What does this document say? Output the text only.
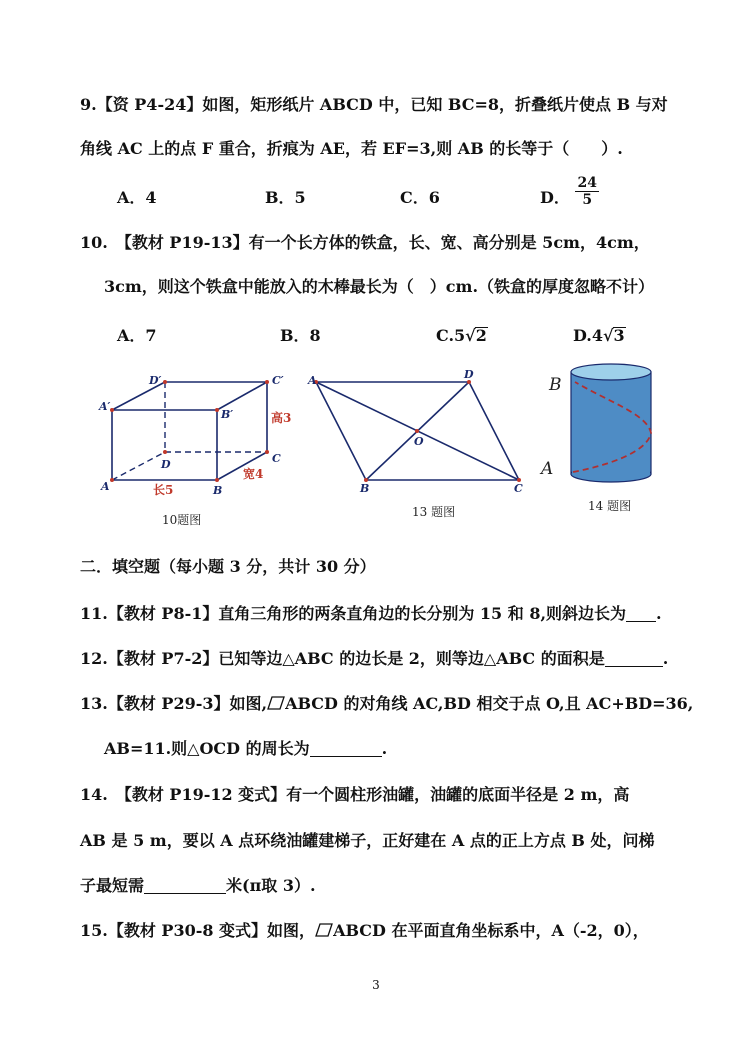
9.【资 P4-24】如图，矩形纸片 ABCD 中，已知 BC=8，折叠纸片使点 B 与对
角线 AC 上的点 F 重合，折痕为 AE，若 EF=3,则 AB 的长等于（　　）.
A．4	B．5	C．6	D． $\frac{24}{5}$
10.　【教材 P19-13】有一个长方体的铁盒，长、宽、高分别是 5cm，4cm，
3cm，则这个铁盒中能放入的木棒最长为（　）cm.（铁盒的厚度忽略不计）
A．7	B．8	C.5√2	D.4√3
D′	C′
A′
B′
D	C
A	B
高3
宽4
长5
10题图
A	D
O
B	C
13 题图
B
A
14 题图
二．填空题（每小题 3 分，共计 30 分）
11.【教材 P8-1】直角三角形的两条直角边的长分别为 15 和 8,则斜边长为 .
12.【教材 P7-2】已知等边△ABC 的边长是 2，则等边△ABC 的面积是	.
13.【教材 P29-3】如图, ABCD 的对角线 AC,BD 相交于点 O,且 AC+BD=36,
AB=11.则△OCD 的周长为	.
14.　【教材 P19-12 变式】有一个圆柱形油罐，油罐的底面半径是 2 m，高
AB 是 5 m，要以 A 点环绕油罐建梯子，正好建在 A 点的正上方点 B 处，问梯
子最短需	米(π取 3）.
15.【教材 P30-8 变式】如图， ABCD 在平面直角坐标系中，A（-2，0），
3
